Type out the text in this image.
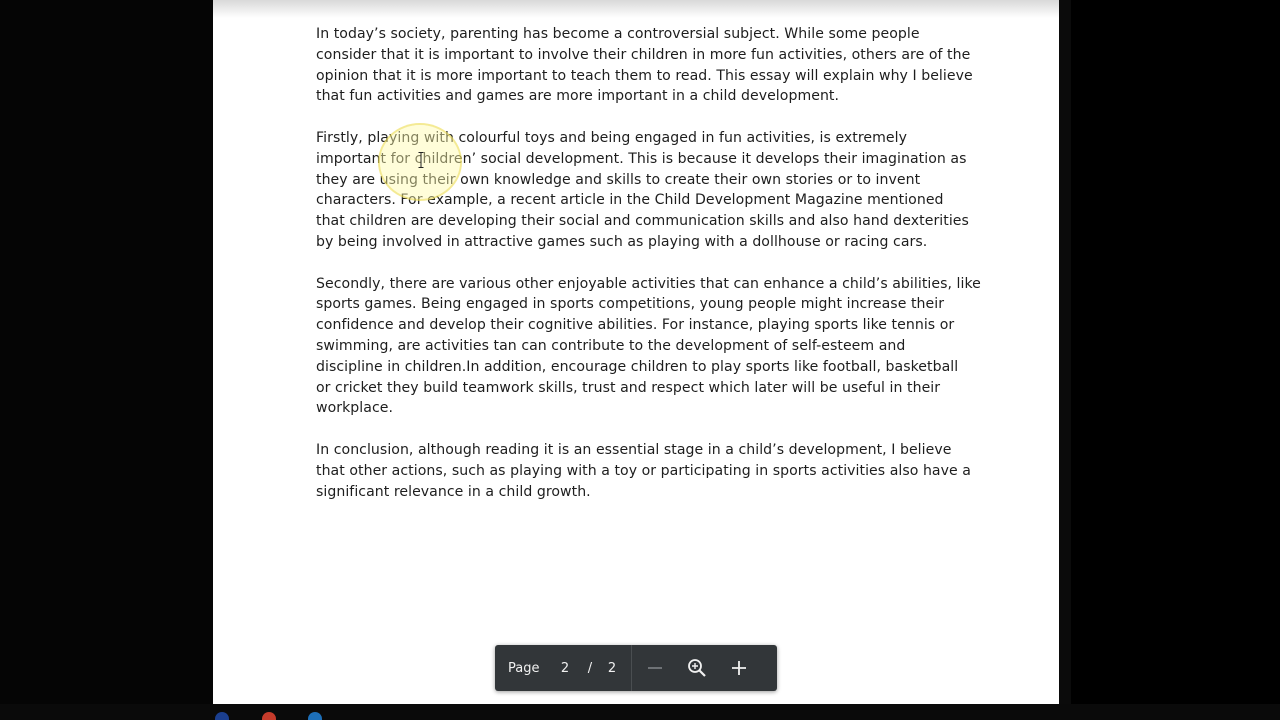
In today’s society, parenting has become a controversial subject. While some people
consider that it is important to involve their children in more fun activities, others are of the
opinion that it is more important to teach them to read. This essay will explain why I believe
that fun activities and games are more important in a child development.

Firstly, playing with colourful toys and being engaged in fun activities, is extremely
important for children’ social development. This is because it develops their imagination as
they are using their own knowledge and skills to create their own stories or to invent
characters. For example, a recent article in the Child Development Magazine mentioned
that children are developing their social and communication skills and also hand dexterities
by being involved in attractive games such as playing with a dollhouse or racing cars.

Secondly, there are various other enjoyable activities that can enhance a child’s abilities, like
sports games. Being engaged in sports competitions, young people might increase their
confidence and develop their cognitive abilities. For instance, playing sports like tennis or
swimming, are activities tan can contribute to the development of self-esteem and
discipline in children.In addition, encourage children to play sports like football, basketball
or cricket they build teamwork skills, trust and respect which later will be useful in their
workplace.

In conclusion, although reading it is an essential stage in a child’s development, I believe
that other actions, such as playing with a toy or participating in sports activities also have a
significant relevance in a child growth.

Page	2 / 2
